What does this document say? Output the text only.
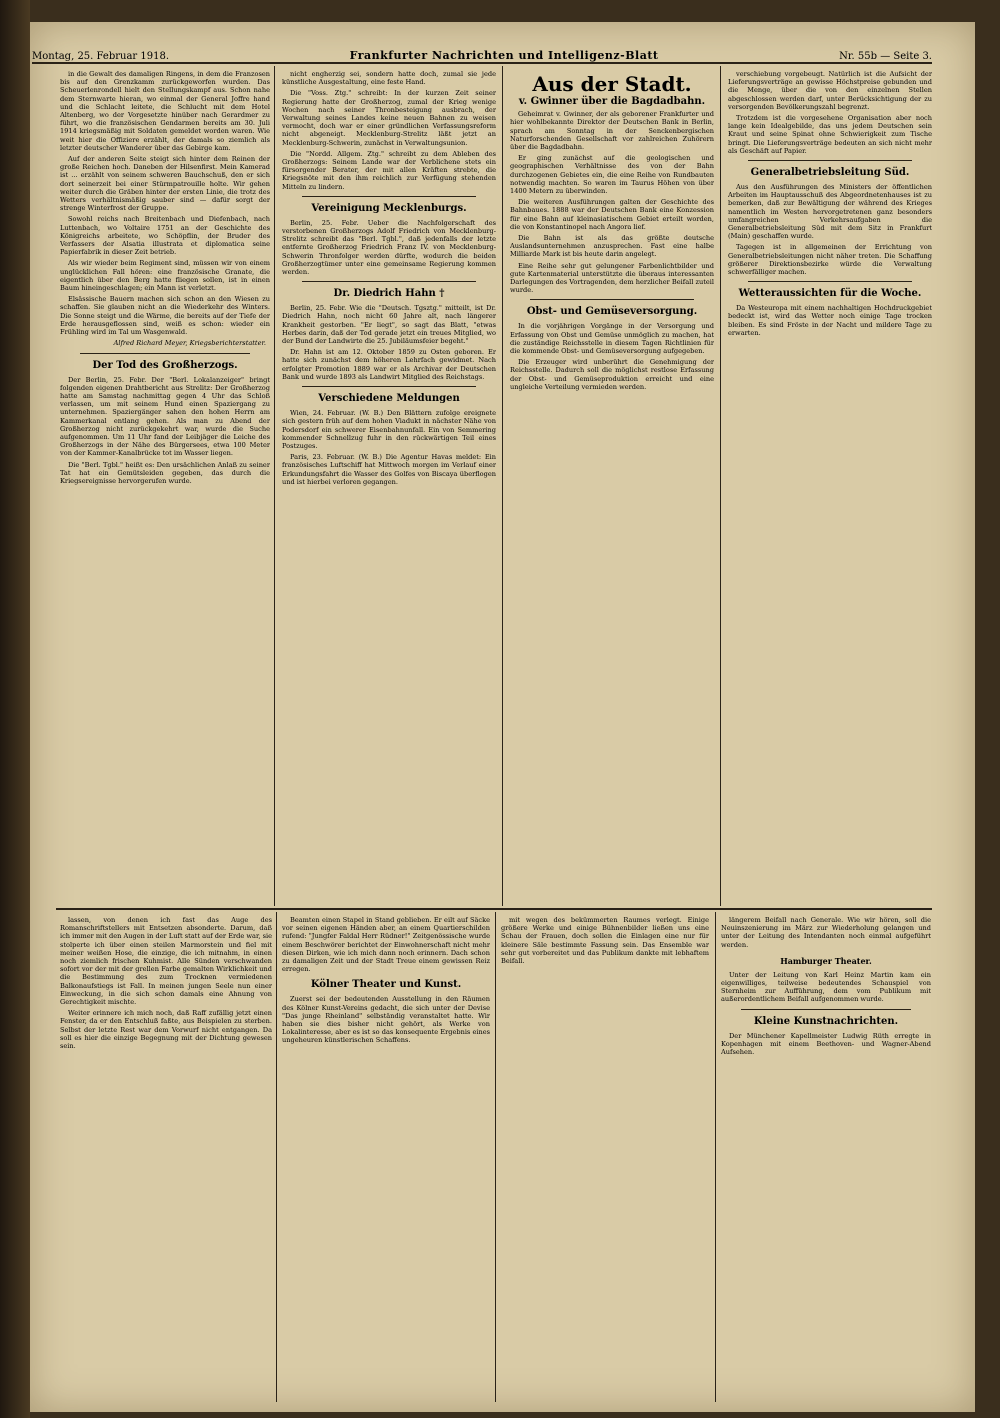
Montag, 25. Februar 1918.	Frankfurter Nachrichten und Intelligenz-Blatt	Nr. 55b — Seite 3.

in die Gewalt des damaligen Ringens, in dem die Franzosen bis auf den Grenzkamm zurückgeworfen wurden. Das Scheuerlenrondell hielt den Stellungskampf aus. Schon nahe dem Sternwarte hieran, wo einmal der General Joffre hand und die Schlacht leitete, die Schlucht mit dem Hotel Altenberg, wo der Vorgesetzte hinüber nach Gerardmer zu führt, wo die französischen Gendarmen bereits am 30. Juli 1914 kriegsmäßig mit Soldaten gemeldet worden waren. Wie weit hier die Offiziere erzählt, der damals so ziemlich als letzter deutscher Wanderer über das Gebirge kam.

Auf der anderen Seite steigt sich hinter dem Reinen der große Reichen hoch. Daneben der Hilsenfirst. Mein Kamerad ist ... erzählt von seinem schweren Bauchschuß, den er sich dort seinerzeit bei einer Stürmpatrouille holte. Wir gehen weiter durch die Gräben hinter der ersten Linie, die trotz des Wetters verhältnismäßig sauber sind — dafür sorgt der strenge Winterfrost der Gruppe.

Sowohl reichs nach Breitenbach und Diefenbach, nach Luttenbach, wo Voltaire 1751 an der Geschichte des Königreichs arbeitete, wo Schöpflin, der Bruder des Verfassers der Alsatia illustrata et diplomatica seine Papierfabrik in dieser Zeit betrieb.

Als wir wieder beim Regiment sind, müssen wir von einem unglücklichen Fall hören: eine französische Granate, die eigentlich über den Berg hatte fliegen sollen, ist in einen Baum hineingeschlagen; ein Mann ist verletzt.

Elsässische Bauern machen sich schon an den Wiesen zu schaffen. Sie glauben nicht an die Wiederkehr des Winters. Die Sonne steigt und die Wärme, die bereits auf der Tiefe der Erde herausgeflossen sind, weiß es schon: wieder ein Frühling wird im Tal um Wasgenwald.

Alfred Richard Meyer, Kriegsberichterstatter.
Der Tod des Großherzogs.

Der Berlin, 25. Febr. Der "Berl. Lokalanzeiger" bringt folgenden eigenen Drahtbericht aus Strelitz: Der Großherzog hatte am Samstag nachmittag gegen 4 Uhr das Schloß verlassen, um mit seinem Hund einen Spaziergang zu unternehmen. Spaziergänger sahen den hohen Herrn am Kammerkanal entlang gehen. Als man zu Abend der Großherzog nicht zurückgekehrt war, wurde die Suche aufgenommen. Um 11 Uhr fand der Leibjäger die Leiche des Großherzogs in der Nähe des Bürgersees, etwa 100 Meter von der Kammer-Kanalbrücke tot im Wasser liegen.

Die "Berl. Tgbl." heißt es: Den ursächlichen Anlaß zu seiner Tat hat ein Gemütsleiden gegeben, das durch die Kriegsereignisse hervorgerufen wurde.

nicht engherzig sei, sondern hatte doch, zumal sie jede künstliche Ausgestaltung, eine feste Hand.

Die "Voss. Ztg." schreibt: In der kurzen Zeit seiner Regierung hatte der Großherzog, zumal der Krieg wenige Wochen nach seiner Thronbesteigung ausbrach, der Verwaltung seines Landes keine neuen Bahnen zu weisen vermocht, doch war er einer gründlichen Verfassungsreform nicht abgeneigt. Mecklenburg-Strelitz läßt jetzt an Mecklenburg-Schwerin, zunächst in Verwaltungsunion.

Die "Nordd. Allgem. Ztg." schreibt zu dem Ableben des Großherzogs: Seinem Lande war der Verblichene stets ein fürsorgender Berater, der mit allen Kräften strebte, die Kriegsnöte mit den ihm reichlich zur Verfügung stehenden Mitteln zu lindern.

Vereinigung Mecklenburgs.

Berlin, 25. Febr. Ueber die Nachfolgerschaft des verstorbenen Großherzogs Adolf Friedrich von Mecklenburg-Strelitz schreibt das "Berl. Tgbl.", daß jedenfalls der letzte entfernte Großherzog Friedrich Franz IV. von Mecklenburg-Schwerin Thronfolger werden dürfte, wodurch die beiden Großherzogtümer unter eine gemeinsame Regierung kommen werden.

Dr. Diedrich Hahn †

Berlin, 25. Febr. Wie die "Deutsch. Tgsztg." mitteilt, ist Dr. Diedrich Hahn, noch nicht 60 Jahre alt, nach längerer Krankheit gestorben. "Er liegt", so sagt das Blatt, "etwas Herbes darin, daß der Tod gerade jetzt ein treues Mitglied, wo der Bund der Landwirte die 25. Jubiläumsfeier begeht."

Dr. Hahn ist am 12. Oktober 1859 zu Osten geboren. Er hatte sich zunächst dem höheren Lehrfach gewidmet. Nach erfolgter Promotion 1889 war er als Archivar der Deutschen Bank und wurde 1893 als Landwirt Mitglied des Reichstags.

Verschiedene Meldungen

Wien, 24. Februar. (W. B.) Den Blättern zufolge ereignete sich gestern früh auf dem hohen Viadukt in nächster Nähe von Podersdorf ein schwerer Eisenbahnunfall. Ein von Semmering kommender Schnellzug fuhr in den rückwärtigen Teil eines Postzuges.

Paris, 23. Februar. (W. B.) Die Agentur Havas meldet: Ein französisches Luftschiff hat Mittwoch morgen im Verlauf einer Erkundungsfahrt die Wasser des Golfes von Biscaya überflogen und ist hierbei verloren gegangen.

Aus der Stadt.
v. Gwinner über die Bagdadbahn.

Geheimrat v. Gwinner, der als geborener Frankfurter und hier wohlbekannte Direktor der Deutschen Bank in Berlin, sprach am Sonntag in der Senckenbergischen Naturforschenden Gesellschaft vor zahlreichen Zuhörern über die Bagdadbahn.

Er ging zunächst auf die geologischen und geographischen Verhältnisse des von der Bahn durchzogenen Gebietes ein, die eine Reihe von Rundbauten notwendig machten. So waren im Taurus Höhen von über 1400 Metern zu überwinden.

Die weiteren Ausführungen galten der Geschichte des Bahnbaues. 1888 war der Deutschen Bank eine Konzession für eine Bahn auf kleinasiatischem Gebiet erteilt worden, die von Konstantinopel nach Angora lief.

Die Bahn ist als das größte deutsche Auslandsunternehmen anzusprechen. Fast eine halbe Milliarde Mark ist bis heute darin angelegt.

Eine Reihe sehr gut gelungener Farbenlichtbilder und gute Kartenmaterial unterstützte die überaus interessanten Darlegungen des Vortragenden, dem herzlicher Beifall zuteil wurde.

Obst- und Gemüseversorgung.

In die vorjährigen Vorgänge in der Versorgung und Erfassung von Obst und Gemüse unmöglich zu machen, hat die zuständige Reichsstelle in diesem Tagen Richtlinien für die kommende Obst- und Gemüseversorgung aufgegeben.

Die Erzeuger wird unberührt die Genehmigung der Reichsstelle. Dadurch soll die möglichst restlose Erfassung der Obst- und Gemüseproduktion erreicht und eine ungleiche Verteilung vermieden werden.

verschiebung vorgebeugt. Natürlich ist die Aufsicht der Lieferungsverträge an gewisse Höchstpreise gebunden und die Menge, über die von den einzelnen Stellen abgeschlossen werden darf, unter Berücksichtigung der zu versorgenden Bevölkerungszahl begrenzt.

Trotzdem ist die vorgesehene Organisation aber noch lange kein Idealgebilde, das uns jedem Deutschen sein Kraut und seine Spinat ohne Schwierigkeit zum Tische bringt. Die Lieferungsverträge bedeuten an sich nicht mehr als Geschäft auf Papier.

Generalbetriebsleitung Süd.

Aus den Ausführungen des Ministers der öffentlichen Arbeiten im Hauptausschuß des Abgeordnetenhauses ist zu bemerken, daß zur Bewältigung der während des Krieges namentlich im Westen hervorgetretenen ganz besonders umfangreichen Verkehrsaufgaben die Generalbetriebsleitung Süd mit dem Sitz in Frankfurt (Main) geschaffen wurde.

Tagegen ist in allgemeinen der Errichtung von Generalbetriebsleitungen nicht näher treten. Die Schaffung größerer Direktionsbezirke würde die Verwaltung schwerfälliger machen.

Wetteraussichten für die Woche.

Da Westeuropa mit einem nachhaltigen Hochdruckgebiet bedeckt ist, wird das Wetter noch einige Tage trocken bleiben. Es sind Fröste in der Nacht und mildere Tage zu erwarten.

lassen, von denen ich fast das Auge des Romanschriftstellers mit Entsetzen absonderte. Darum, daß ich immer mit den Augen in der Luft statt auf der Erde war, sie stolperte ich über einen steilen Marmorstein und fiel mit meiner weißen Hose, die einzige, die ich mitnahm, in einen noch ziemlich frischen Kuhmist. Alle Sünden verschwanden sofort vor der mit der grellen Farbe gemalten Wirklichkeit und die Bestimmung des zum Trocknen vermiedenen Balkonaufstiegs ist Fall. In meinen jungen Seele nun einer Einweckung, in die sich schon damals eine Ahnung von Gerechtigkeit mischte.

Weiter erinnere ich mich noch, daß Raff zufällig jetzt einen Fenster, da er den Entschluß faßte, aus Beispielen zu sterben. Selbst der letzte Rest war dem Vorwurf nicht entgangen. Da soll es hier die einzige Begegnung mit der Dichtung gewesen sein.

Beamten einen Stapel in Stand geblieben. Er eilt auf Säcke vor seinen eigenen Händen aber, an einem Quartierschilden rufend: "Jungfer Faldal Herr Rüdner!" Zeitgenössische wurde einem Beschwörer berichtet der Einwohnerschaft nicht mehr diesen Dirken, wie ich mich dann noch erinnern. Dach schon zu damaligen Zeit und der Stadt Treue einem gewissen Reiz erregen.

Kölner Theater und Kunst.

Zuerst sei der bedeutenden Ausstellung in den Räumen des Kölner Kunst-Vereins gedacht, die sich unter der Devise "Das junge Rheinland" selbständig veranstaltet hatte. Wir haben sie dies bisher nicht gehört, als Werke von Lokalinteresse, aber es ist so das konsequente Ergebnis eines ungeheuren künstlerischen Schaffens.

mit wegen des bekümmerten Raumes verlegt. Einige größere Werke und einige Bühnenbilder ließen uns eine Schau der Frauen, doch sollen die Einlagen eine nur für kleinere Säle bestimmte Fassung sein. Das Ensemble war sehr gut vorbereitet und das Publikum dankte mit lebhaftem Beifall.

längerem Beifall nach Generale. Wie wir hören, soll die Neuinszenierung im März zur Wiederholung gelangen und unter der Leitung des Intendanten noch einmal aufgeführt werden.

Hamburger Theater.

Unter der Leitung von Karl Heinz Martin kam ein eigenwilliges, teilweise bedeutendes Schauspiel von Sternheim zur Aufführung, dem vom Publikum mit außerordentlichem Beifall aufgenommen wurde.

Kleine Kunstnachrichten.

Der Münchener Kapellmeister Ludwig Rüth erregte in Kopenhagen mit einem Beethoven- und Wagner-Abend Aufsehen.
